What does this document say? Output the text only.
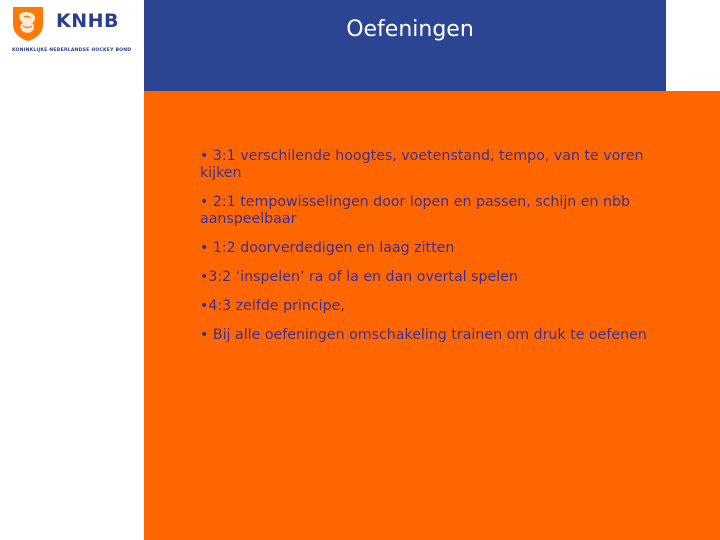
KNHB
KONINKLIJKE NEDERLANDSE HOCKEY BOND
Oefeningen
• 3:1 verschilende hoogtes, voetenstand, tempo, van te voren kijken
• 2:1 tempowisselingen door lopen en passen, schijn en nbb aanspeelbaar
• 1:2 doorverdedigen en laag zitten
•3:2 ‘inspelen’ ra of la en dan overtal spelen
•4:3 zelfde principe,
• Bij alle oefeningen omschakeling trainen om druk te oefenen
